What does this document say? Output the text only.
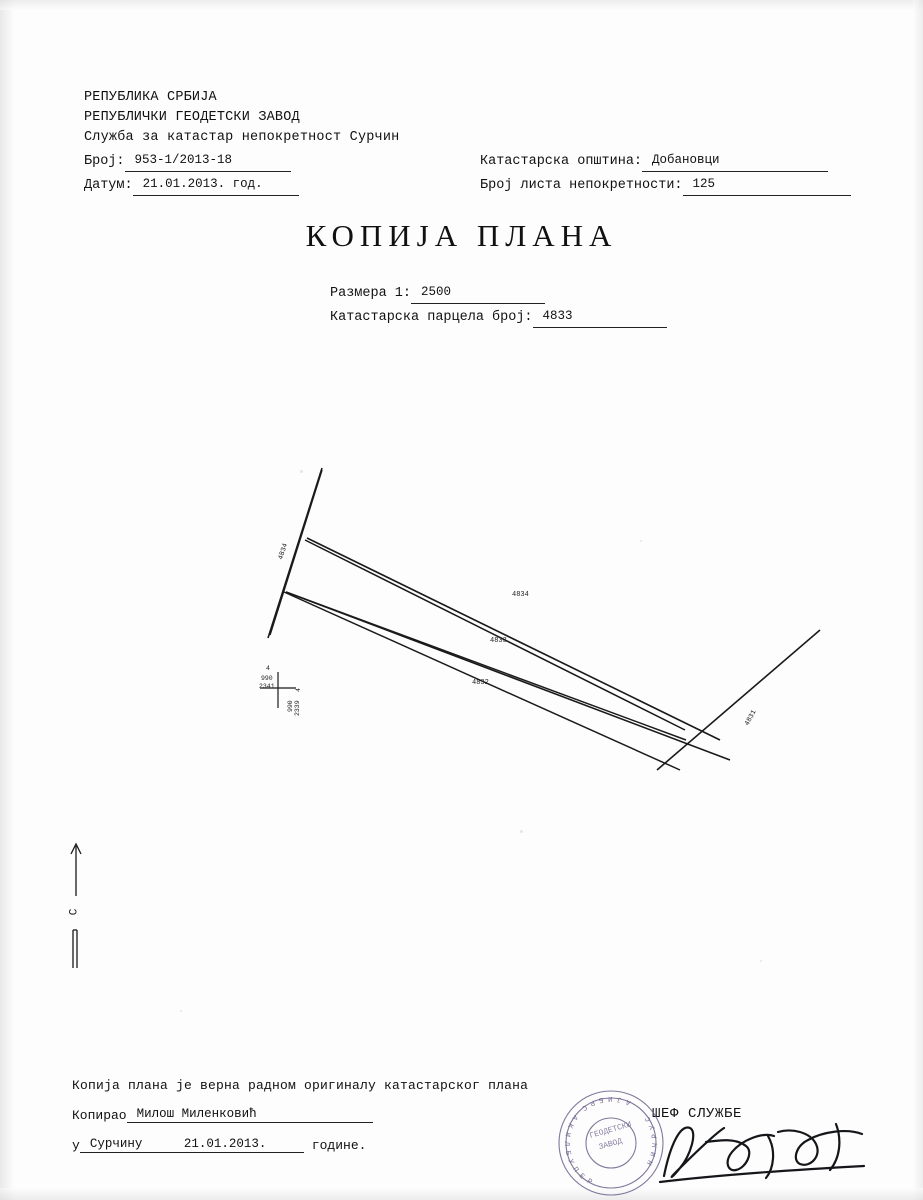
РЕПУБЛИКА СРБИЈА
РЕПУБЛИЧКИ ГЕОДЕТСКИ ЗАВОД
Служба за катастар непокретност Сурчин
Број: 953-1/2013-18
Датум: 21.01.2013. год.
Катастарска општина: Добановци
Број листа непокретности: 125
КОПИЈА ПЛАНА
Размера 1: 2500
Катастарска парцела број: 4833
4834
4834
4833
4832
4831
4
990
2341
4
990 2339
С
Копија плана је верна радном оригиналу катастарског плана
Копирао Милош Миленковић
у Сурчину	21.01.2013.	године.
ШЕФ СЛУЖБЕ
Р
Е
П
У
Б
Л
И
К
А
С
Р Б И Ј А
С
У
Р
Ч
И
Н
ГЕОДЕТСКИ
ЗАВОД
